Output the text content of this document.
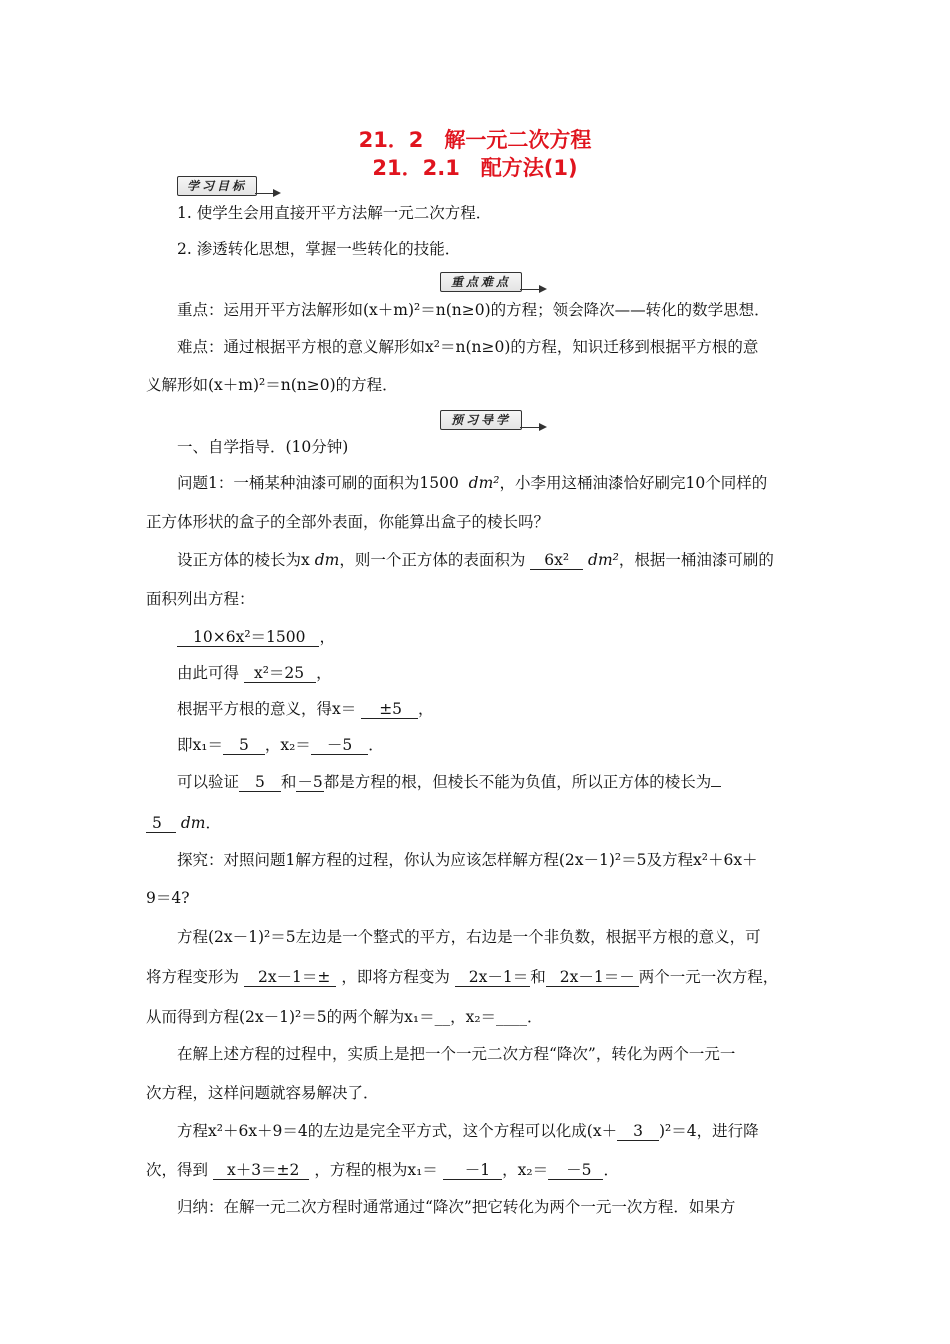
21．2　解一元二次方程
21．2.1　配方法(1)
学习目标
1. 使学生会用直接开平方法解一元二次方程．
2. 渗透转化思想，掌握一些转化的技能．
重点难点
重点：运用开平方法解形如(x＋m)²＝n(n≥0)的方程；领会降次——转化的数学思想．
难点：通过根据平方根的意义解形如x²＝n(n≥0)的方程，知识迁移到根据平方根的意
义解形如(x＋m)²＝n(n≥0)的方程．
预习导学
一、自学指导．(10分钟)
问题1：一桶某种油漆可刷的面积为1500 dm²，小李用这桶油漆恰好刷完10个同样的
正方体形状的盒子的全部外表面，你能算出盒子的棱长吗？
设正方体的棱长为x dm，则一个正方体的表面积为 6x² dm²，根据一桶油漆可刷的
面积列出方程：
10×6x²＝1500 ，
由此可得 x²＝25 ，
根据平方根的意义，得x＝ ±5 ，
即x₁＝ 5 ，x₂＝ －5 ．
可以验证 5 和－5都是方程的根，但棱长不能为负值，所以正方体的棱长为
5 dm．
探究：对照问题1解方程的过程，你认为应该怎样解方程(2x－1)²＝5及方程x²＋6x＋
9＝4?
方程(2x－1)²＝5左边是一个整式的平方，右边是一个非负数，根据平方根的意义，可
将方程变形为 2x－1＝± ，即将方程变为 2x－1＝ 和 2x－1＝－ 两个一元一次方程，
从而得到方程(2x－1)²＝5的两个解为x₁＝__，x₂＝____．
在解上述方程的过程中，实质上是把一个一元二次方程“降次”，转化为两个一元一
次方程，这样问题就容易解决了．
方程x²＋6x＋9＝4的左边是完全平方式，这个方程可以化成(x＋ 3 )²＝4，进行降
次，得到 x＋3＝±2 ，方程的根为x₁＝ －1 ，x₂＝ －5 ．
归纳：在解一元二次方程时通常通过“降次”把它转化为两个一元一次方程．如果方
